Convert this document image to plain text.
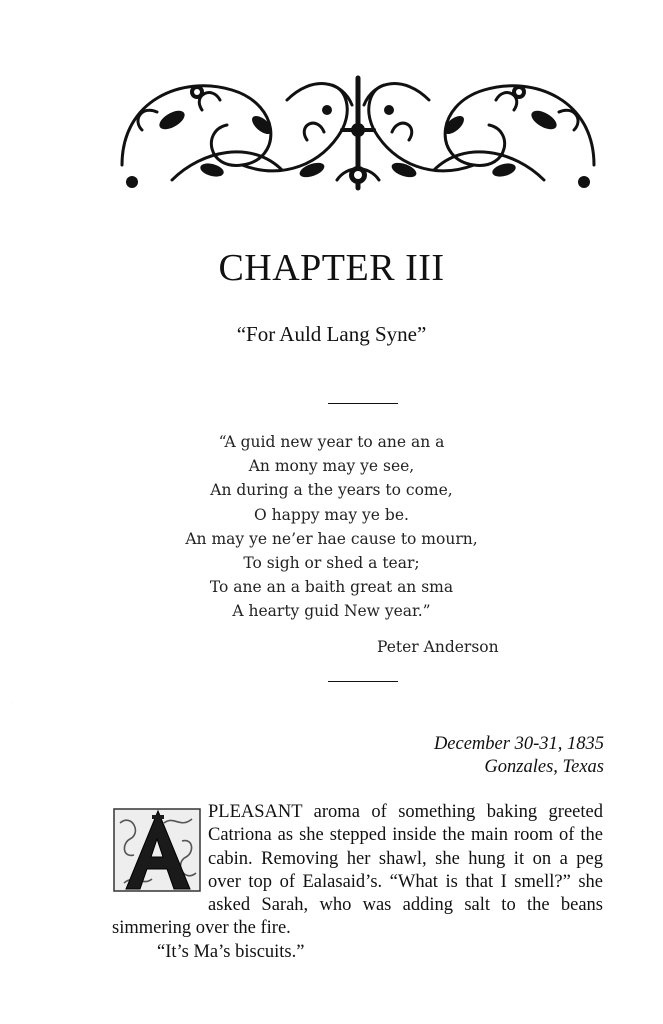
CHAPTER III
“For Auld Lang Syne”
“A guid new year to ane an a
An mony may ye see,
An during a the years to come,
O happy may ye be.
An may ye ne’er hae cause to mourn,
To sigh or shed a tear;
To ane an a baith great an sma
A hearty guid New year.”
Peter Anderson
December 30-31, 1835
Gonzales, Texas
A

PLEASANT aroma of something baking greeted Catriona as she stepped inside the main room of the cabin. Removing her shawl, she hung it on a peg over top of Ealasaid’s. “What is that I smell?” she asked Sarah, who was adding salt to the beans simmering over the fire.

“It’s Ma’s biscuits.”
